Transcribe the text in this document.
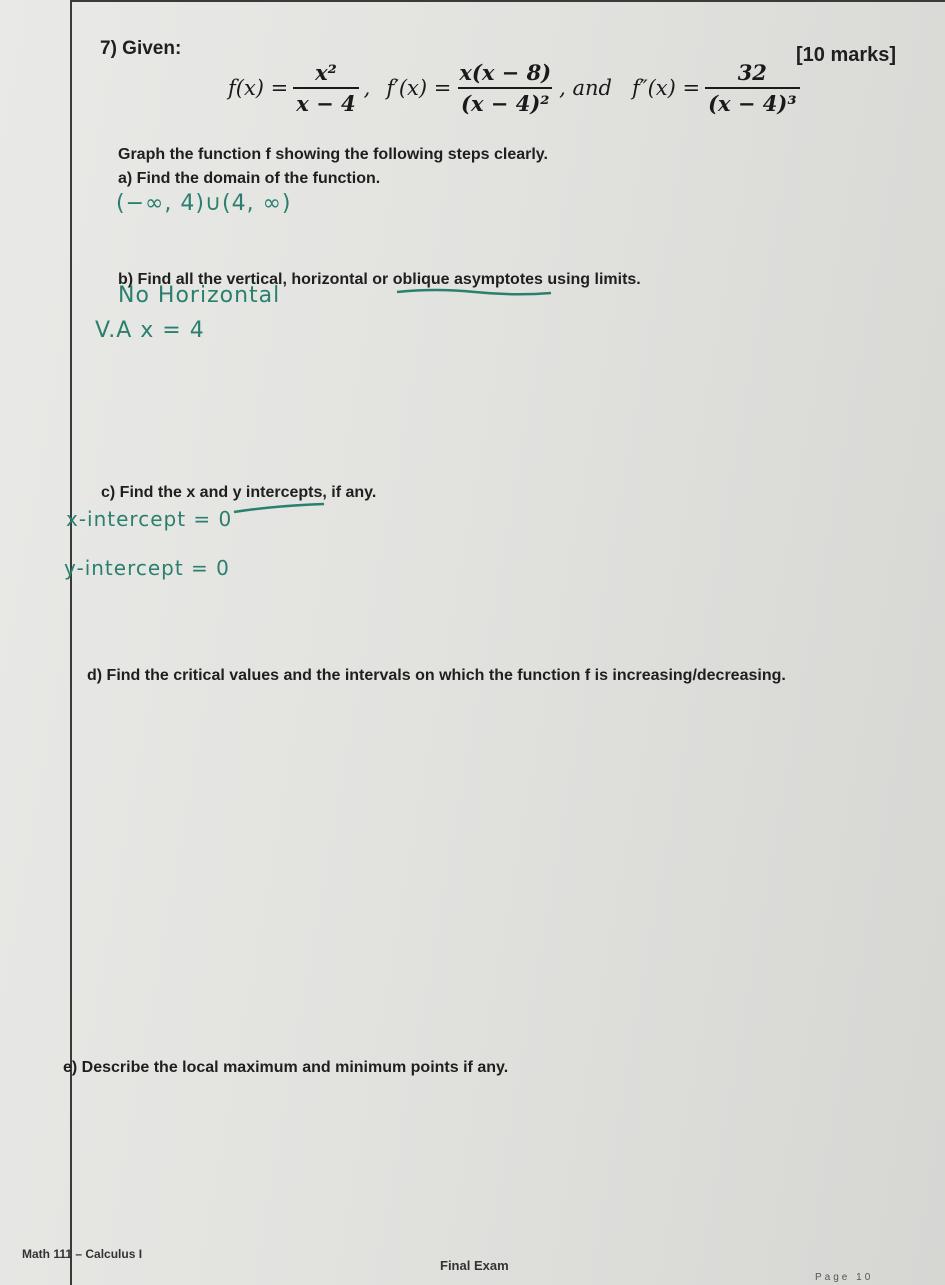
7) Given:	[10 marks]
$f(x) = \frac{\text{x²}}{x - 4}$ , $f'(x) = \frac{x(x - 8)}{\text{(x − 4)²}}$ , and $f''(x) = \frac{32}{\text{(x − 4)³}}$
Graph the function f showing the following steps clearly.
a) Find the domain of the function.
(−∞, 4)∪(4, ∞)
b) Find all the vertical, horizontal or oblique asymptotes using limits.
No Horizontal
V.A x = 4
c) Find the x and y intercepts, if any.
x-intercept = 0
y-intercept = 0
d) Find the critical values and the intervals on which the function f is increasing/decreasing.
e) Describe the local maximum and minimum points if any.
Math 111 – Calculus I
Final Exam
Page 10
